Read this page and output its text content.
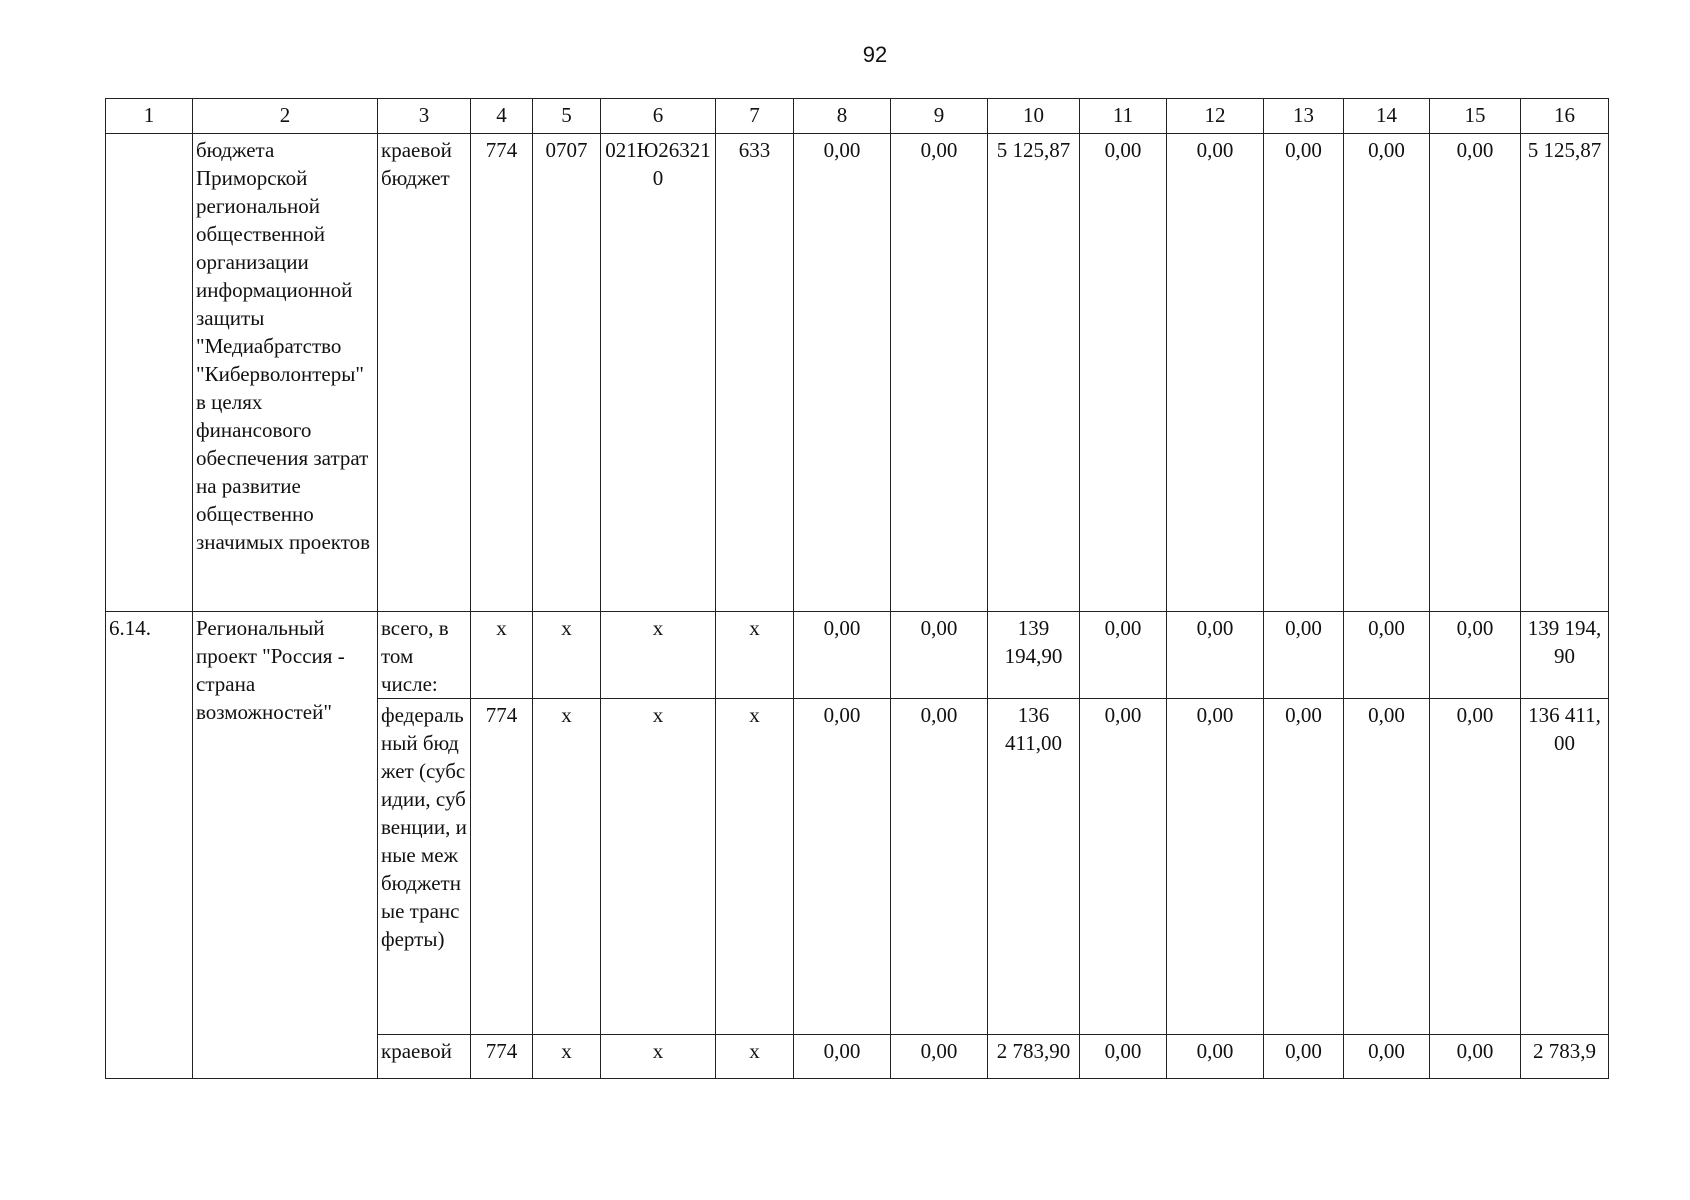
92
1	2	3	4	5	6	7	8	9	10	11	12	13	14	15	16
	бюджета Приморской региональной общественной организации информационной защиты "Медиабратство "Киберволонтеры" в целях финансового обеспечения затрат на развитие общественно значимых проектов	краевой бюджет	774	0707	021Ю263210	633	0,00	0,00	5 125,87	0,00	0,00	0,00	0,00	0,00	5 125,87
6.14.	Региональный проект "Россия - страна возможностей"	всего, в том числе:	x	x	x	x	0,00	0,00	139 194,90	0,00	0,00	0,00	0,00	0,00	139 194,90
		федеральный бюджет (субсидии, субвенции, иные межбюджетные трансферты)	774	x	x	x	0,00	0,00	136 411,00	0,00	0,00	0,00	0,00	0,00	136 411,00
		краевой	774	x	x	x	0,00	0,00	2 783,90	0,00	0,00	0,00	0,00	0,00	2 783,9
